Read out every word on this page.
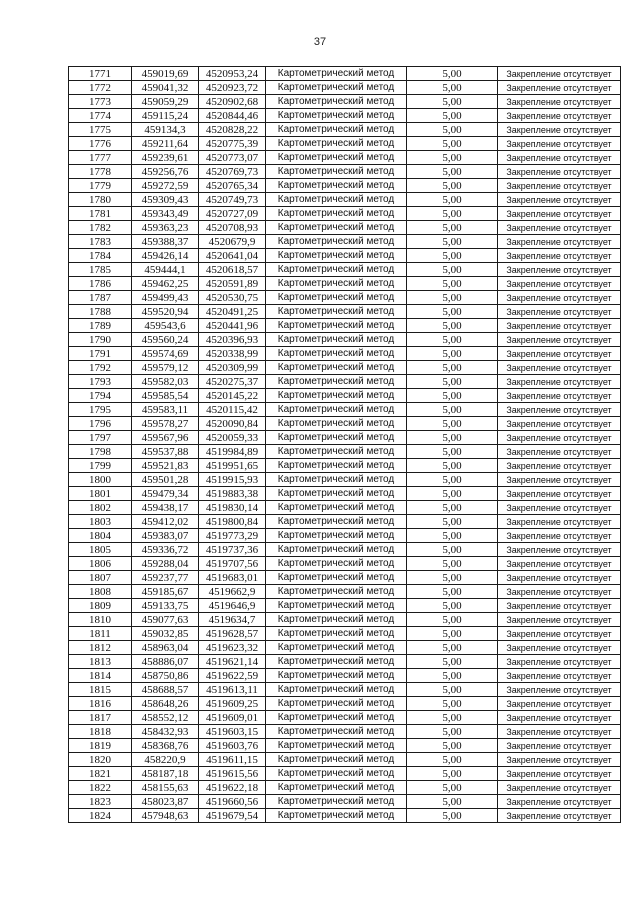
37
1771	459019,69	4520953,24	Картометрический метод	5,00	Закрепление отсутствует
1772	459041,32	4520923,72	Картометрический метод	5,00	Закрепление отсутствует
1773	459059,29	4520902,68	Картометрический метод	5,00	Закрепление отсутствует
1774	459115,24	4520844,46	Картометрический метод	5,00	Закрепление отсутствует
1775	459134,3	4520828,22	Картометрический метод	5,00	Закрепление отсутствует
1776	459211,64	4520775,39	Картометрический метод	5,00	Закрепление отсутствует
1777	459239,61	4520773,07	Картометрический метод	5,00	Закрепление отсутствует
1778	459256,76	4520769,73	Картометрический метод	5,00	Закрепление отсутствует
1779	459272,59	4520765,34	Картометрический метод	5,00	Закрепление отсутствует
1780	459309,43	4520749,73	Картометрический метод	5,00	Закрепление отсутствует
1781	459343,49	4520727,09	Картометрический метод	5,00	Закрепление отсутствует
1782	459363,23	4520708,93	Картометрический метод	5,00	Закрепление отсутствует
1783	459388,37	4520679,9	Картометрический метод	5,00	Закрепление отсутствует
1784	459426,14	4520641,04	Картометрический метод	5,00	Закрепление отсутствует
1785	459444,1	4520618,57	Картометрический метод	5,00	Закрепление отсутствует
1786	459462,25	4520591,89	Картометрический метод	5,00	Закрепление отсутствует
1787	459499,43	4520530,75	Картометрический метод	5,00	Закрепление отсутствует
1788	459520,94	4520491,25	Картометрический метод	5,00	Закрепление отсутствует
1789	459543,6	4520441,96	Картометрический метод	5,00	Закрепление отсутствует
1790	459560,24	4520396,93	Картометрический метод	5,00	Закрепление отсутствует
1791	459574,69	4520338,99	Картометрический метод	5,00	Закрепление отсутствует
1792	459579,12	4520309,99	Картометрический метод	5,00	Закрепление отсутствует
1793	459582,03	4520275,37	Картометрический метод	5,00	Закрепление отсутствует
1794	459585,54	4520145,22	Картометрический метод	5,00	Закрепление отсутствует
1795	459583,11	4520115,42	Картометрический метод	5,00	Закрепление отсутствует
1796	459578,27	4520090,84	Картометрический метод	5,00	Закрепление отсутствует
1797	459567,96	4520059,33	Картометрический метод	5,00	Закрепление отсутствует
1798	459537,88	4519984,89	Картометрический метод	5,00	Закрепление отсутствует
1799	459521,83	4519951,65	Картометрический метод	5,00	Закрепление отсутствует
1800	459501,28	4519915,93	Картометрический метод	5,00	Закрепление отсутствует
1801	459479,34	4519883,38	Картометрический метод	5,00	Закрепление отсутствует
1802	459438,17	4519830,14	Картометрический метод	5,00	Закрепление отсутствует
1803	459412,02	4519800,84	Картометрический метод	5,00	Закрепление отсутствует
1804	459383,07	4519773,29	Картометрический метод	5,00	Закрепление отсутствует
1805	459336,72	4519737,36	Картометрический метод	5,00	Закрепление отсутствует
1806	459288,04	4519707,56	Картометрический метод	5,00	Закрепление отсутствует
1807	459237,77	4519683,01	Картометрический метод	5,00	Закрепление отсутствует
1808	459185,67	4519662,9	Картометрический метод	5,00	Закрепление отсутствует
1809	459133,75	4519646,9	Картометрический метод	5,00	Закрепление отсутствует
1810	459077,63	4519634,7	Картометрический метод	5,00	Закрепление отсутствует
1811	459032,85	4519628,57	Картометрический метод	5,00	Закрепление отсутствует
1812	458963,04	4519623,32	Картометрический метод	5,00	Закрепление отсутствует
1813	458886,07	4519621,14	Картометрический метод	5,00	Закрепление отсутствует
1814	458750,86	4519622,59	Картометрический метод	5,00	Закрепление отсутствует
1815	458688,57	4519613,11	Картометрический метод	5,00	Закрепление отсутствует
1816	458648,26	4519609,25	Картометрический метод	5,00	Закрепление отсутствует
1817	458552,12	4519609,01	Картометрический метод	5,00	Закрепление отсутствует
1818	458432,93	4519603,15	Картометрический метод	5,00	Закрепление отсутствует
1819	458368,76	4519603,76	Картометрический метод	5,00	Закрепление отсутствует
1820	458220,9	4519611,15	Картометрический метод	5,00	Закрепление отсутствует
1821	458187,18	4519615,56	Картометрический метод	5,00	Закрепление отсутствует
1822	458155,63	4519622,18	Картометрический метод	5,00	Закрепление отсутствует
1823	458023,87	4519660,56	Картометрический метод	5,00	Закрепление отсутствует
1824	457948,63	4519679,54	Картометрический метод	5,00	Закрепление отсутствует
